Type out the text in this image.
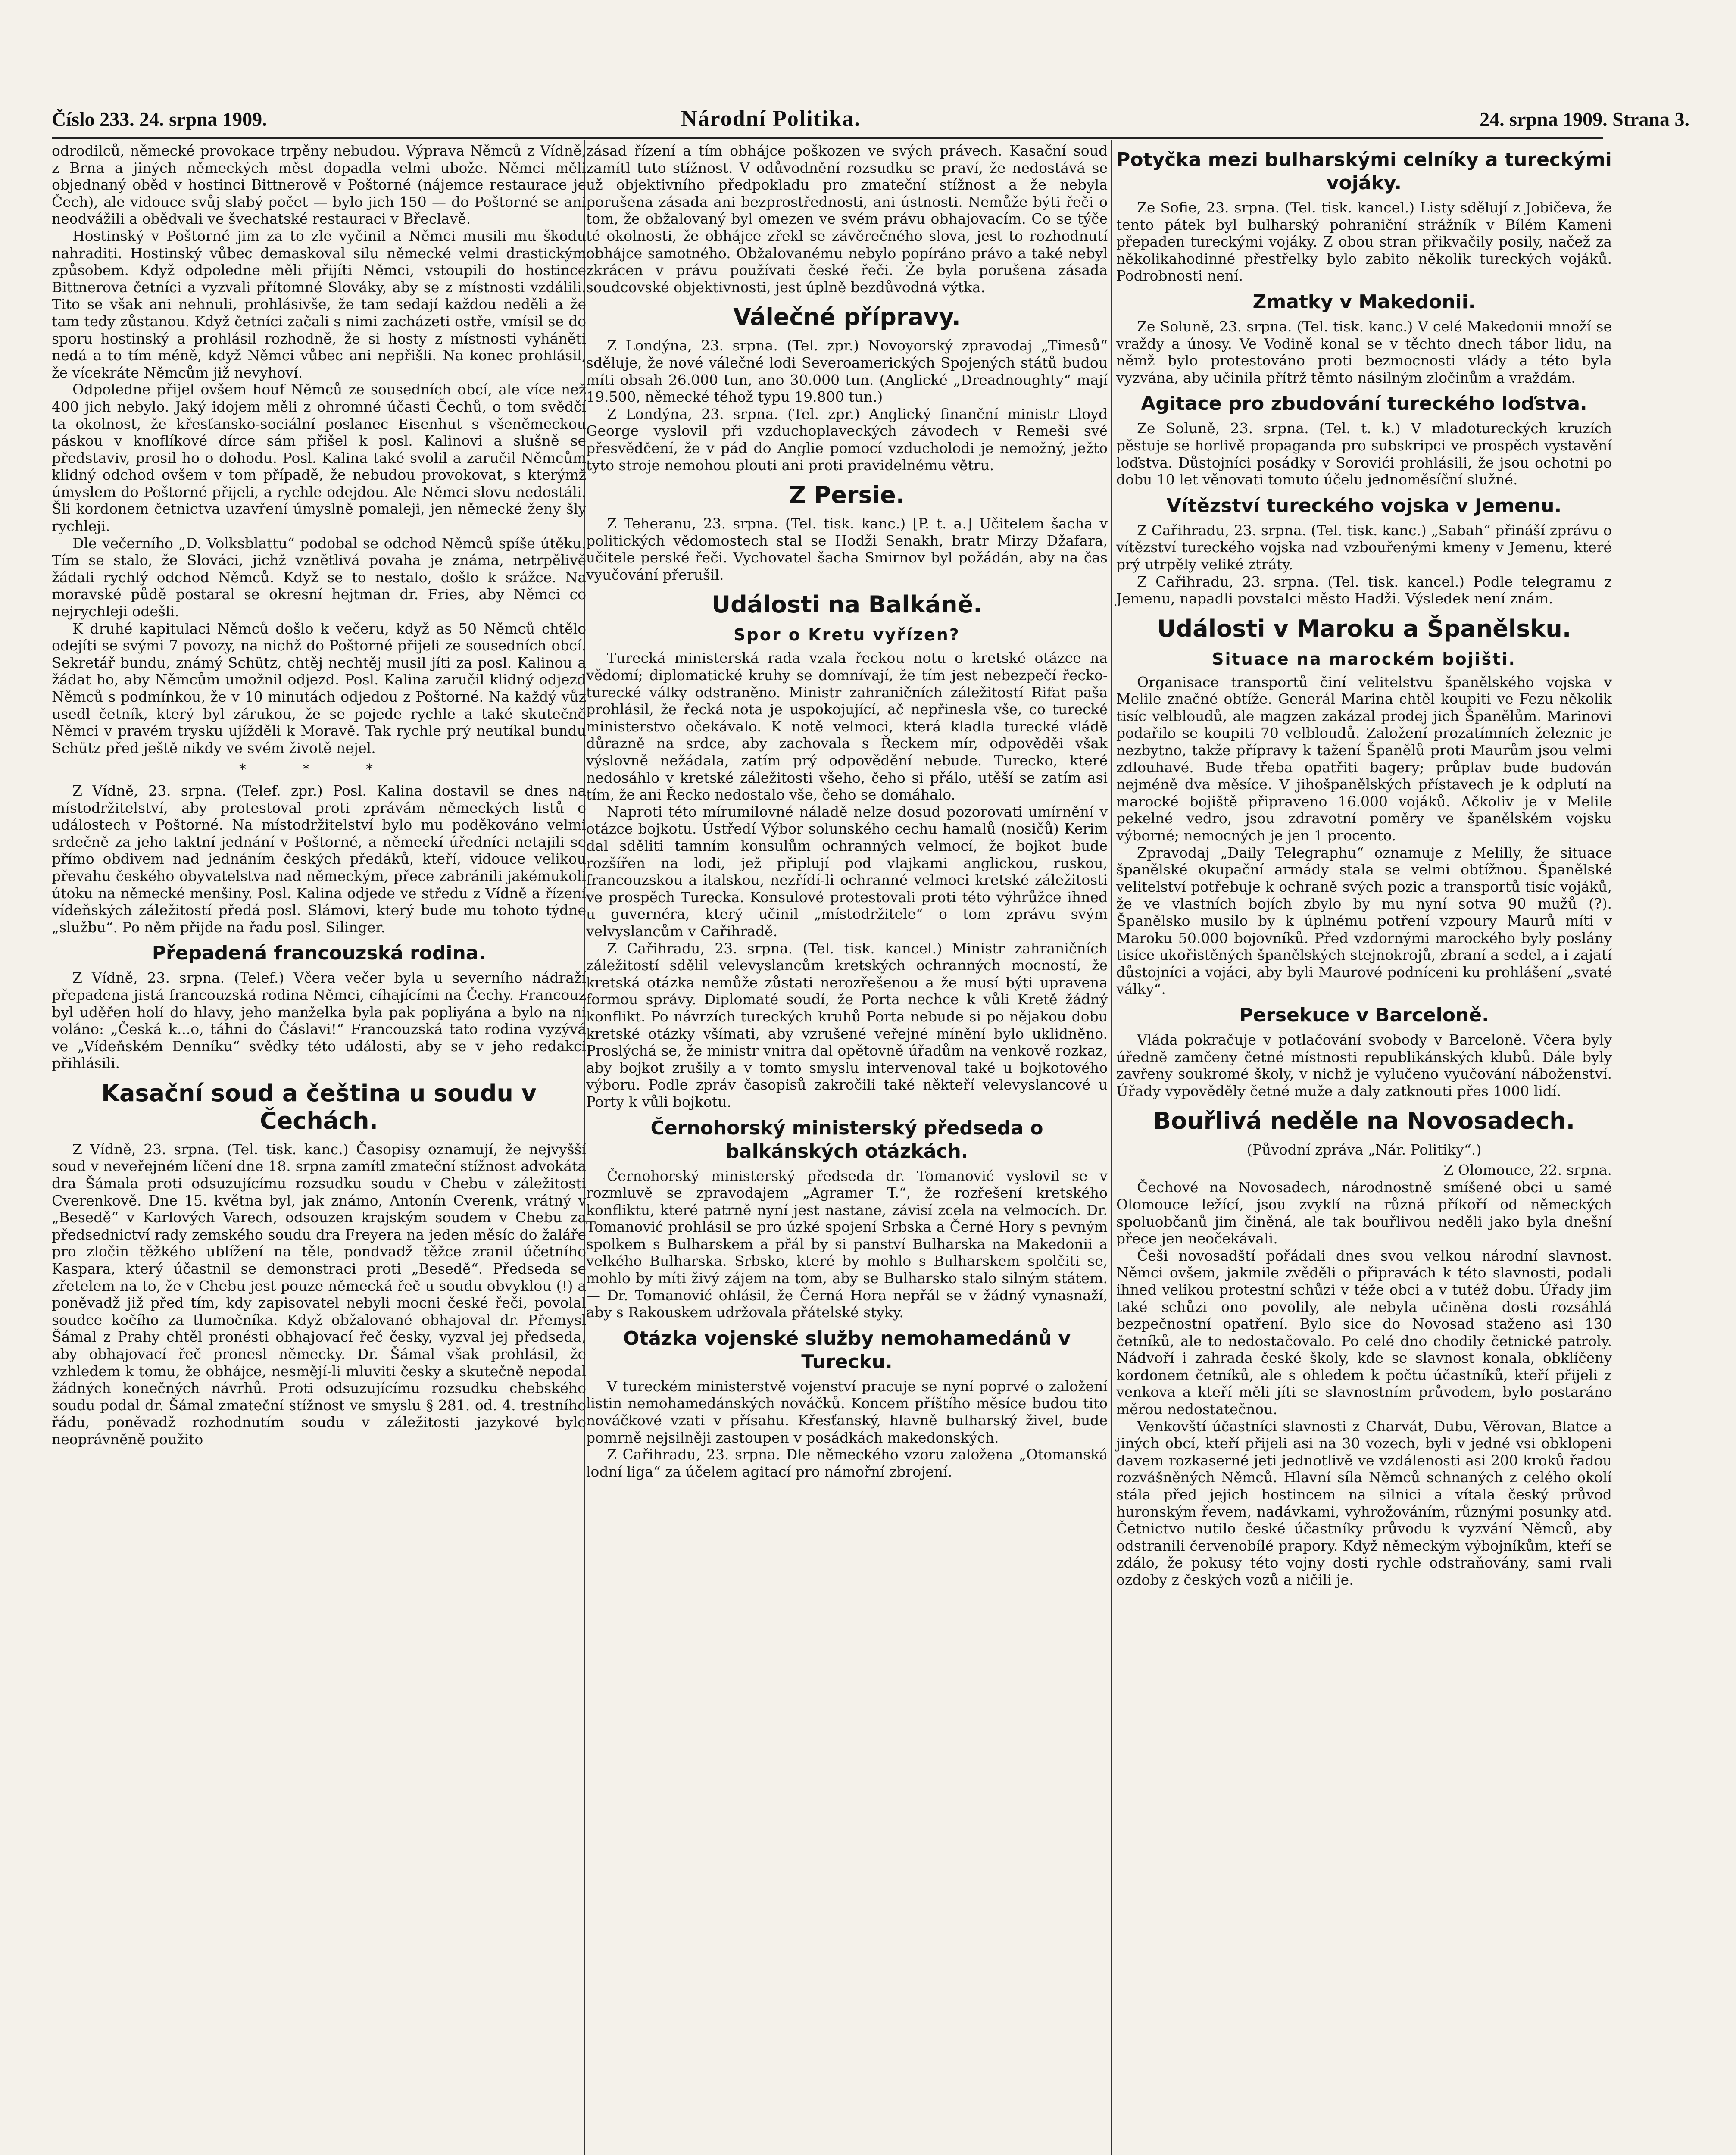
Číslo 233. 24. srpna 1909.	Národní Politika.	24. srpna 1909. Strana 3.

odrodilců, německé provokace trpěny nebudou. Výprava Němců z Vídně, z Brna a jiných německých měst dopadla velmi ubože. Němci měli objednaný oběd v hostinci Bittnerově v Poštorné (nájemce restaurace je Čech), ale vidouce svůj slabý počet — bylo jich 150 — do Poštorné se ani neodvážili a obědvali ve švechatské restauraci v Břeclavě.

Hostinský v Poštorné jim za to zle vyčinil a Němci musili mu škodu nahraditi. Hostinský vůbec demaskoval silu německé velmi drastickým způsobem. Když odpoledne měli přijíti Němci, vstoupili do hostince Bittnerova četníci a vyzvali přítomné Slováky, aby se z místnosti vzdálili. Tito se však ani nehnuli, prohlásivše, že tam sedají každou neděli a že tam tedy zůstanou. Když četníci začali s nimi zacházeti ostře, vmísil se do sporu hostinský a prohlásil rozhodně, že si hosty z místnosti vyháněti nedá a to tím méně, když Němci vůbec ani nepřišli. Na konec prohlásil, že vícekráte Němcům již nevyhoví.

Odpoledne přijel ovšem houf Němců ze sousedních obcí, ale více než 400 jich nebylo. Jaký idojem měli z ohromné účasti Čechů, o tom svědčí ta okolnost, že křesťansko-sociální poslanec Eisenhut s všeněmeckou páskou v knoflíkové dírce sám přišel k posl. Kalinovi a slušně se představiv, prosil ho o dohodu. Posl. Kalina také svolil a zaručil Němcům klidný odchod ovšem v tom případě, že nebudou provokovat, s kterýmž úmyslem do Poštorné přijeli, a rychle odejdou. Ale Němci slovu nedostáli. Šli kordonem četnictva uzavření úmyslně pomaleji, jen německé ženy šly rychleji.

Dle večerního „D. Volksblattu“ podobal se odchod Němců spíše útěku. Tím se stalo, že Slováci, jichž vznětlivá povaha je známa, netrpělivě žádali rychlý odchod Němců. Když se to nestalo, došlo k srážce. Na moravské půdě postaral se okresní hejtman dr. Fries, aby Němci co nejrychleji odešli.

K druhé kapitulaci Němců došlo k večeru, když as 50 Němců chtělo odejíti se svými 7 povozy, na nichž do Poštorné přijeli ze sousedních obcí. Sekretář bundu, známý Schütz, chtěj nechtěj musil jíti za posl. Kalinou a žádat ho, aby Němcům umožnil odjezd. Posl. Kalina zaručil klidný odjezd Němců s podmínkou, že v 10 minutách odjedou z Poštorné. Na každý vůz usedl četník, který byl zárukou, že se pojede rychle a také skutečně Němci v pravém trysku ujížděli k Moravě. Tak rychle prý neutíkal bundu Schütz před ještě nikdy ve svém životě nejel.

* * *

Z Vídně, 23. srpna. (Telef. zpr.) Posl. Kalina dostavil se dnes na místodržitelství, aby protestoval proti zprávám německých listů o událostech v Poštorné. Na místodržitelství bylo mu poděkováno velmi srdečně za jeho taktní jednání v Poštorné, a německí úředníci netajili se přímo obdivem nad jednáním českých předáků, kteří, vidouce velikou převahu českého obyvatelstva nad německým, přece zabránili jakémukoli útoku na německé menšiny. Posl. Kalina odjede ve středu z Vídně a řízení vídeňských záležitostí předá posl. Slámovi, který bude mu tohoto týdne „službu“. Po něm přijde na řadu posl. Silinger.

Přepadená francouzská rodina.

Z Vídně, 23. srpna. (Telef.) Včera večer byla u severního nádraží přepadena jistá francouzská rodina Němci, cíhajícími na Čechy. Francouz byl uděřen holí do hlavy, jeho manželka byla pak popliyána a bylo na ni voláno: „Česká k...o, táhni do Čáslavi!“ Francouzská tato rodina vyzývá ve „Vídeňském Denníku“ svědky této události, aby se v jeho redakci přihlásili.

Kasační soud a čeština u soudu v Čechách.

Z Vídně, 23. srpna. (Tel. tisk. kanc.) Časopisy oznamují, že nejvyšší soud v neveřejném líčení dne 18. srpna zamítl zmateční stížnost advokáta dra Šámala proti odsuzujícímu rozsudku soudu v Chebu v záležitosti Cverenkově. Dne 15. května byl, jak známo, Antonín Cverenk, vrátný v „Besedě“ v Karlových Varech, odsouzen krajským soudem v Chebu za předsednictví rady zemského soudu dra Freyera na jeden měsíc do žaláře pro zločin těžkého ublížení na těle, pondvadž těžce zranil účetního Kasparа, který účastnil se demonstraci proti „Besedě“. Předseda se zřetelem na to, že v Chebu jest pouze německá řeč u soudu obvyklou (!) a poněvadž již před tím, kdy zapisovatel nebyli mocni české řeči, povolal soudce kočího za tlumočníka. Když obžalované obhajoval dr. Přemysl Šámal z Prahy chtěl pronésti obhajovací řeč česky, vyzval jej předseda, aby obhajovací řeč pronesl německy. Dr. Šámal však prohlásil, že vzhledem k tomu, že obhájce, nesmějí-li mluviti česky a skutečně nepodal žádných konečných návrhů. Proti odsuzujícímu rozsudku chebského soudu podal dr. Šámal zmateční stížnost ve smyslu § 281. od. 4. trestního řádu, poněvadž rozhodnutím soudu v záležitosti jazykové bylo neoprávněně použito

zásad řízení a tím obhájce poškozen ve svých právech. Kasační soud zamítl tuto stížnost. V odůvodnění rozsudku se praví, že nedostává se už objektivního předpokladu pro zmateční stížnost a že nebyla porušena zásada ani bezprostřednosti, ani ústnosti. Nemůže býti řeči o tom, že obžalovaný byl omezen ve svém právu obhajovacím. Co se týče té okolnosti, že obhájce zřekl se závěrečného slova, jest to rozhodnutí obhájce samotného. Obžalovanému nebylo popíráno právo a také nebyl zkrácen v právu používati české řeči. Že byla porušena zásada soudcovské objektivnosti, jest úplně bezdůvodná výtka.

Válečné přípravy.

Z Londýna, 23. srpna. (Tel. zpr.) Novoyorský zpravodaj „Timesů“ sděluje, že nové válečné lodi Severoamerických Spojených států budou míti obsah 26.000 tun, ano 30.000 tun. (Anglické „Dreadnoughty“ mají 19.500, německé téhož typu 19.800 tun.)

Z Londýna, 23. srpna. (Tel. zpr.) Anglický finanční ministr Lloyd George vyslovil při vzduchoplaveckých závodech v Remeši své přesvědčení, že v pád do Anglie pomocí vzducholodi je nemožný, ježto tyto stroje nemohou plouti ani proti pravidelnému větru.

Z Persie.

Z Teheranu, 23. srpna. (Tel. tisk. kanc.) [P. t. a.] Učitelem šacha v politických vědomostech stal se Hodži Senakh, bratr Mirzy Džafara, učitele perské řeči. Vychovatel šacha Smirnov byl požádán, aby na čas vyučování přerušil.

Události na Balkáně.
Spor o Kretu vyřízen?

Turecká ministerská rada vzala řeckou notu o kretské otázce na vědomí; diplomatické kruhy se domnívají, že tím jest nebezpečí řecko-turecké války odstraněno. Ministr zahraničních záležitostí Rifat paša prohlásil, že řecká nota je uspokojující, ač nepřinesla vše, co turecké ministerstvo očekávalo. K notě velmoci, která kladla turecké vládě důrazně na srdce, aby zachovala s Řeckem mír, odpověděi však výslovně nežádala, zatím prý odpovědění nebude. Turecko, které nedosáhlo v kretské záležitosti všeho, čeho si přálo, utěší se zatím asi tím, že ani Řecko nedostalo vše, čeho se domáhalo.

Naproti této mírumilovné náladě nelze dosud pozorovati umírnění v otázce bojkotu. Ústředí Výbor solunského cechu hamalů (nosičů) Kerim dal sděliti tamním konsulům ochranných velmocí, že bojkot bude rozšířen na lodi, jež připlují pod vlajkami anglickou, ruskou, francouzskou a italskou, nezřídí-li ochranné velmoci kretské záležitosti ve prospěch Turecka. Konsulové protestovali proti této výhrůžce ihned u guvernéra, který učinil „místodržitele“ o tom zprávu svým velvyslancům v Cařihradě.

Z Cařihradu, 23. srpna. (Tel. tisk. kancel.) Ministr zahraničních záležitostí sdělil velevyslancům kretských ochranných mocností, že kretská otázka nemůže zůstati nerozřešenou a že musí býti upravena formou správy. Diplomaté soudí, že Porta nechce k vůli Kretě žádný konflikt. Po návrzích tureckých kruhů Porta nebude si po nějakou dobu kretské otázky všímati, aby vzrušené veřejné mínění bylo uklidněno. Proslýchá se, že ministr vnitra dal opětovně úřadům na venkově rozkaz, aby bojkot zrušily a v tomto smyslu intervenoval také u bojkotového výboru. Podle zpráv časopisů zakročili také někteří velevyslancové u Porty k vůli bojkotu.

Černohorský ministerský předseda o balkánských otázkách.

Černohorský ministerský předseda dr. Tomanović vyslovil se v rozmluvě se zpravodajem „Agramer T.“, že rozřešení kretského konfliktu, které patrně nyní jest nastane, závisí zcela na velmocích. Dr. Tomanović prohlásil se pro úzké spojení Srbska a Černé Hory s pevným spolkem s Bulharskem a přál by si panství Bulharska na Makedonii a velkého Bulharska. Srbsko, které by mohlo s Bulharskem spolčiti se, mohlo by míti živý zájem na tom, aby se Bulharsko stalo silným státem. — Dr. Tomanović ohlásil, že Černá Hora nepřál se v žádný vynasnaží, aby s Rakouskem udržovala přátelské styky.

Otázka vojenské služby nemohamedánů v Turecku.

V tureckém ministerstvě vojenství pracuje se nyní poprvé o založení listin nemohamedánských nováčků. Koncem příštího měsíce budou tito nováčkové vzati v přísahu. Křesťanský, hlavně bulharský živel, bude pomrně nejsilněji zastoupen v posádkách makedonských.

Z Cařihradu, 23. srpna. Dle německého vzoru založena „Otomanská lodní liga“ za účelem agitací pro námořní zbrojení.

Potyčka mezi bulharskými celníky a tureckými vojáky.

Ze Sofie, 23. srpna. (Tel. tisk. kancel.) Listy sdělují z Jobičeva, že tento pátek byl bulharský pohraniční strážník v Bílém Kameni přepaden tureckými vojáky. Z obou stran přikvačily posily, načež za několikahodinné přestřelky bylo zabito několik tureckých vojáků. Podrobnosti není.

Zmatky v Makedonii.

Ze Soluně, 23. srpna. (Tel. tisk. kanc.) V celé Makedonii množí se vraždy a únosy. Ve Vodině konal se v těchto dnech tábor lidu, na němž bylo protestováno proti bezmocnosti vlády a této byla vyzvána, aby učinila přítrž těmto násilným zločinům a vraždám.

Agitace pro zbudování tureckého loďstva.

Ze Soluně, 23. srpna. (Tel. t. k.) V mladotureckých kruzích pěstuje se horlivě propaganda pro subskripci ve prospěch vystavění loďstva. Důstojníci posádky v Sorovići prohlásili, že jsou ochotni po dobu 10 let věnovati tomuto účelu jednoměsíční služné.

Vítězství tureckého vojska v Jemenu.

Z Cařihradu, 23. srpna. (Tel. tisk. kanc.) „Sabah“ přináší zprávu o vítězství tureckého vojska nad vzbouřenými kmeny v Jemenu, které prý utrpěly veliké ztráty.

Z Cařihradu, 23. srpna. (Tel. tisk. kancel.) Podle telegramu z Jemenu, napadli povstalci město Hadži. Výsledek není znám.

Události v Maroku a Španělsku.
Situace na marockém bojišti.

Organisace transportů činí velitelstvu španělského vojska v Melile značné obtíže. Generál Marina chtěl koupiti ve Fezu několik tisíc velbloudů, ale magzen zakázal prodej jich Španělům. Marinovi podařilo se koupiti 70 velbloudů. Založení prozatímních železnic je nezbytno, takže přípravy k tažení Španělů proti Maurům jsou velmi zdlouhavé. Bude třeba opatřiti bagery; průplav bude budován nejméně dva měsíce. V jihošpanělských přístavech je k odplutí na marocké bojiště připraveno 16.000 vojáků. Ačkoliv je v Melile pekelné vedro, jsou zdravotní poměry ve španělském vojsku výborné; nemocných je jen 1 procento.

Zpravodaj „Daily Telegraphu“ oznamuje z Melilly, že situace španělské okupační armády stala se velmi obtížnou. Španělské velitelství potřebuje k ochraně svých pozic a transportů tisíc vojáků, že ve vlastních bojích zbylo by mu nyní sotva 90 mužů (?). Španělsko musilo by k úplnému potření vzpoury Maurů míti v Maroku 50.000 bojovníků. Před vzdornými marockého byly poslány tisíce ukořistěných španělských stejnokrojů, zbraní a sedel, a i zajatí důstojníci a vojáci, aby byli Maurové podníceni ku prohlášení „svaté války“.

Persekuce v Barceloně.

Vláda pokračuje v potlačování svobody v Barceloně. Včera byly úředně zamčeny četné místnosti republikánských klubů. Dále byly zavřeny soukromé školy, v nichž je vylučeno vyučování náboženství. Úřady vypověděly četné muže a daly zatknouti přes 1000 lidí.

Bouřlivá neděle na Novosadech.
(Původní zpráva „Nár. Politiky“.)
Z Olomouce, 22. srpna.

Čechové na Novosadech, národnostně smíšené obci u samé Olomouce ležící, jsou zvyklí na různá příkoří od německých spoluobčanů jim činěná, ale tak bouřlivou neděli jako byla dnešní přece jen neočekávali.

Češi novosadští pořádali dnes svou velkou národní slavnost. Němci ovšem, jakmile zvěděli o připravách k této slavnosti, podali ihned velikou protestní schůzi v téže obci a v tutéž dobu. Úřady jim také schůzi ono povolily, ale nebyla učiněna dosti rozsáhlá bezpečnostní opatření. Bylo sice do Novosad staženo asi 130 četníků, ale to nedostačovalo. Po celé dno chodily četnické patroly. Nádvoří i zahrada české školy, kde se slavnost konala, obklíčeny kordonem četníků, ale s ohledem k počtu účastníků, kteří přijeli z venkova a kteří měli jíti se slavnostním průvodem, bylo postaráno měrou nedostatečnou.

Venkovští účastníci slavnosti z Charvát, Dubu, Věrovan, Blatce a jiných obcí, kteří přijeli asi na 30 vozech, byli v jedné vsi obklopeni davem rozkaserné jeti jednotlivě ve vzdálenosti asi 200 kroků řadou rozvášněných Němců. Hlavní síla Němců schnaných z celého okolí stála před jejich hostincem na silnici a vítala český průvod huronským řevem, nadávkami, vyhrožováním, různými posunky atd. Četnictvo nutilo české účastníky průvodu k vyzvání Němců, aby odstranili červenobílé prapory. Když německým výbojníkům, kteří se zdálo, že pokusy této vojny dosti rychle odstraňovány, sami rvali ozdoby z českých vozů a ničili je.
